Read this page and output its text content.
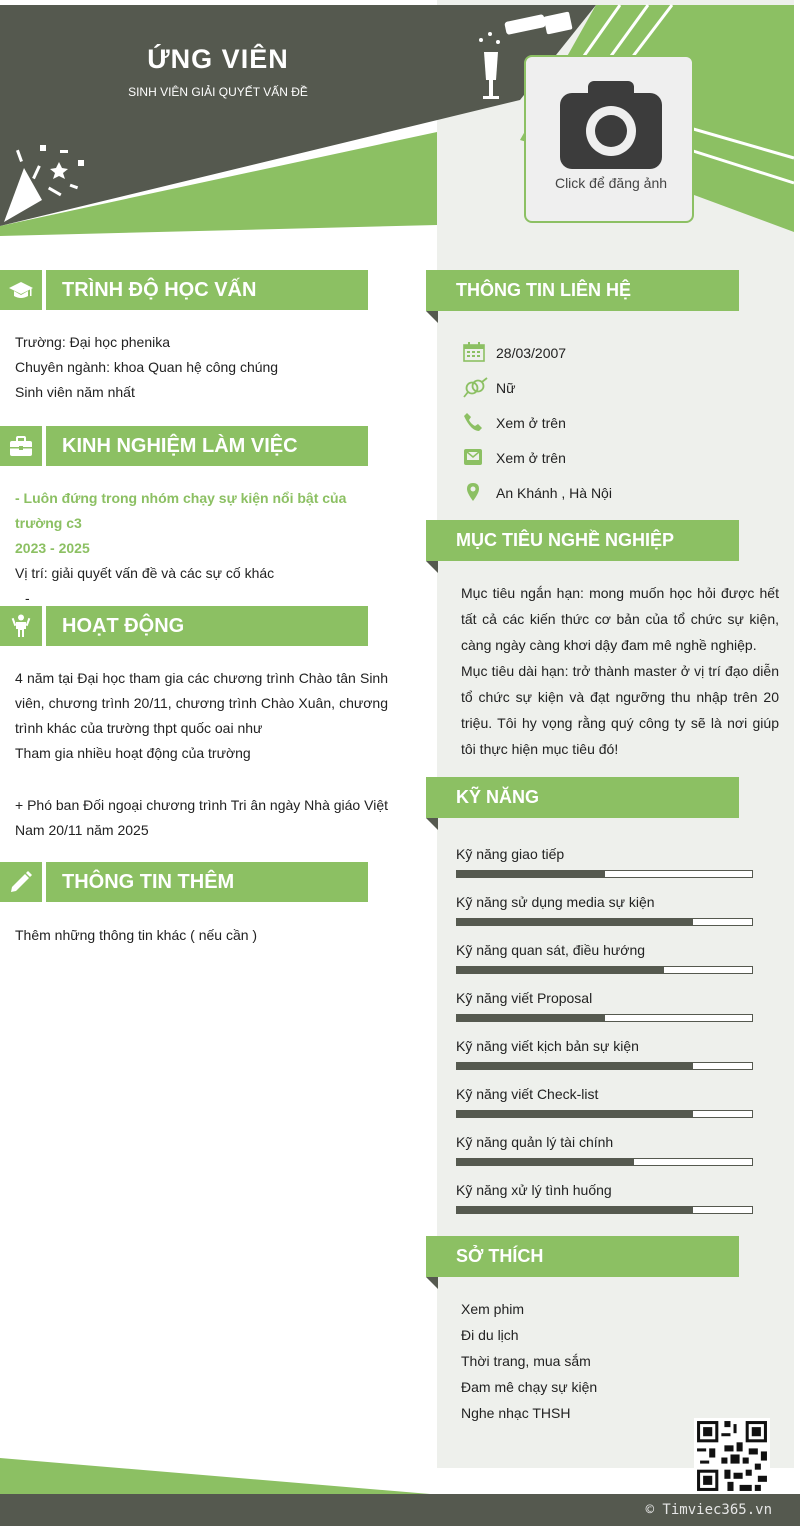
ỨNG VIÊN
SINH VIÊN GIẢI QUYẾT VẤN ĐỀ
Click để đăng ảnh
TRÌNH ĐỘ HỌC VẤN
Trường: Đại học phenika
Chuyên ngành: khoa Quan hệ công chúng
Sinh viên năm nhất
KINH NGHIỆM LÀM VIỆC
- Luôn đứng trong nhóm chạy sự kiện nổi bật của trường c3
2023 - 2025
Vị trí: giải quyết vấn đề và các sự cố khác
-
HOẠT ĐỘNG
4 năm tại Đại học tham gia các chương trình Chào tân Sinh viên, chương trình 20/11, chương trình Chào Xuân, chương trình khác của trường thpt quốc oai như
Tham gia nhiều hoạt động của trường
+ Phó ban Đối ngoại chương trình Tri ân ngày Nhà giáo Việt Nam 20/11 năm 2025
THÔNG TIN THÊM
Thêm những thông tin khác ( nếu cần )
THÔNG TIN LIÊN HỆ
28/03/2007
Nữ
Xem ở trên
Xem ở trên
An Khánh , Hà Nội
MỤC TIÊU NGHỀ NGHIỆP
Mục tiêu ngắn hạn: mong muốn học hỏi được hết tất cả các kiến thức cơ bản của tổ chức sự kiện, càng ngày càng khơi dậy đam mê nghề nghiệp.
Mục tiêu dài hạn: trở thành master ở vị trí đạo diễn tổ chức sự kiện và đạt ngưỡng thu nhập trên 20 triệu. Tôi hy vọng rằng quý công ty sẽ là nơi giúp tôi thực hiện mục tiêu đó!
KỸ NĂNG
Kỹ năng giao tiếp
Kỹ năng sử dụng media sự kiện
Kỹ năng quan sát, điều hướng
Kỹ năng viết Proposal
Kỹ năng viết kịch bản sự kiện
Kỹ năng viết Check-list
Kỹ năng quản lý tài chính
Kỹ năng xử lý tình huống
SỞ THÍCH
Xem phim
Đi du lịch
Thời trang, mua sắm
Đam mê chạy sự kiện
Nghe nhạc THSH
© Timviec365.vn
